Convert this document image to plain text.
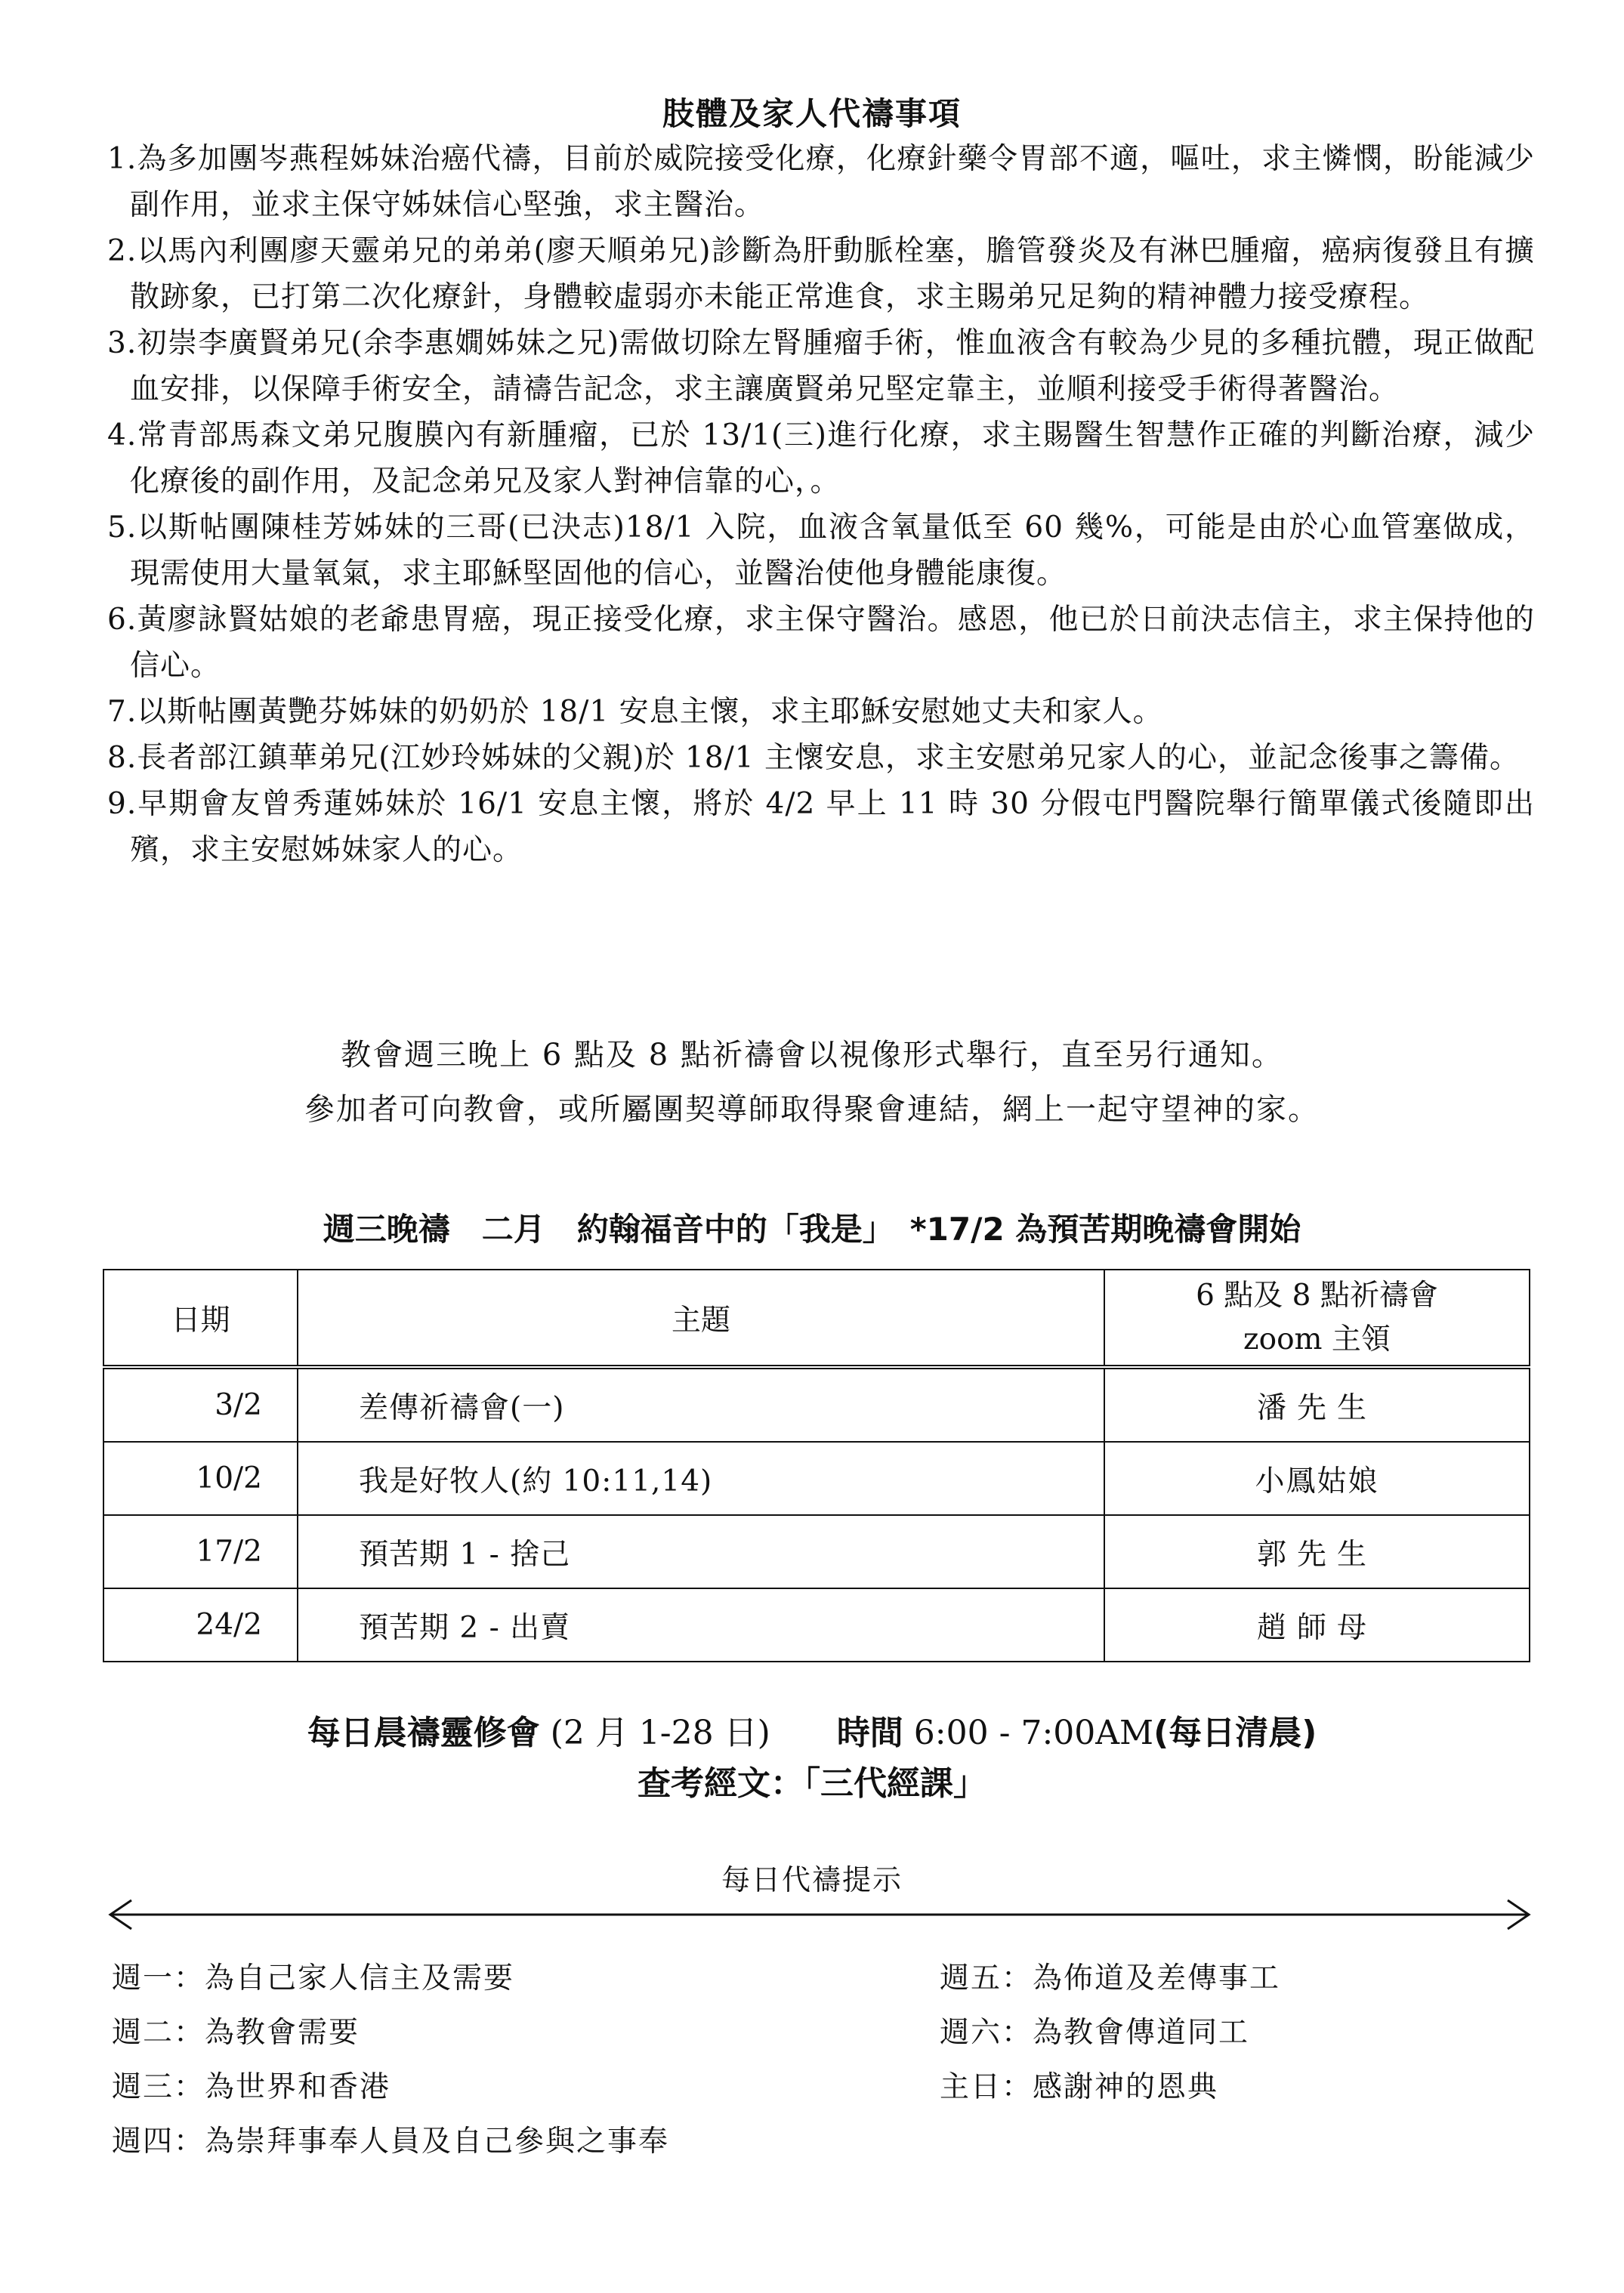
肢體及家人代禱事項
1.為多加團岑燕程姊妹治癌代禱，目前於威院接受化療，化療針藥令胃部不適，嘔吐，求主憐憫，盼能減少副作用，並求主保守姊妹信心堅強，求主醫治。
2.以馬內利團廖天靈弟兄的弟弟(廖天順弟兄)診斷為肝動脈栓塞，膽管發炎及有淋巴腫瘤，癌病復發且有擴散跡象，已打第二次化療針，身體較虛弱亦未能正常進食，求主賜弟兄足夠的精神體力接受療程。
3.初崇李廣賢弟兄(余李惠嫺姊妹之兄)需做切除左腎腫瘤手術，惟血液含有較為少見的多種抗體，現正做配血安排，以保障手術安全，請禱告記念，求主讓廣賢弟兄堅定靠主，並順利接受手術得著醫治。
4.常青部馬森文弟兄腹膜內有新腫瘤，已於 13/1(三)進行化療，求主賜醫生智慧作正確的判斷治療，減少化療後的副作用，及記念弟兄及家人對神信靠的心，。
5.以斯帖團陳桂芳姊妹的三哥(已決志)18/1 入院，血液含氧量低至 60 幾%，可能是由於心血管塞做成，現需使用大量氧氣，求主耶穌堅固他的信心，並醫治使他身體能康復。
6.黃廖詠賢姑娘的老爺患胃癌，現正接受化療，求主保守醫治。感恩，他已於日前決志信主，求主保持他的信心。
7.以斯帖團黃艷芬姊妹的奶奶於 18/1 安息主懷，求主耶穌安慰她丈夫和家人。
8.長者部江鎮華弟兄(江妙玲姊妹的父親)於 18/1 主懷安息，求主安慰弟兄家人的心，並記念後事之籌備。
9.早期會友曾秀蓮姊妹於 16/1 安息主懷，將於 4/2 早上 11 時 30 分假屯門醫院舉行簡單儀式後隨即出殯，求主安慰姊妹家人的心。
教會週三晚上 6 點及 8 點祈禱會以視像形式舉行，直至另行通知。
參加者可向教會，或所屬團契導師取得聚會連結，網上一起守望神的家。
週三晚禱　二月　約翰福音中的「我是」　*17/2 為預苦期晚禱會開始
日期	主題	6 點及 8 點祈禱會
zoom 主領

3/2	差傳祈禱會(一)	潘先生
10/2	我是好牧人(約 10:11,14)	小鳳姑娘
17/2	預苦期 1 - 捨己	郭先生
24/2	預苦期 2 - 出賣	趙師母
每日晨禱靈修會 (2 月 1-28 日)　　時間 6:00 - 7:00AM(每日清晨)
查考經文：「三代經課」
每日代禱提示
週一：為自己家人信主及需要
週二：為教會需要
週三：為世界和香港
週四：為崇拜事奉人員及自己參與之事奉
週五：為佈道及差傳事工
週六：為教會傳道同工
主日：感謝神的恩典
